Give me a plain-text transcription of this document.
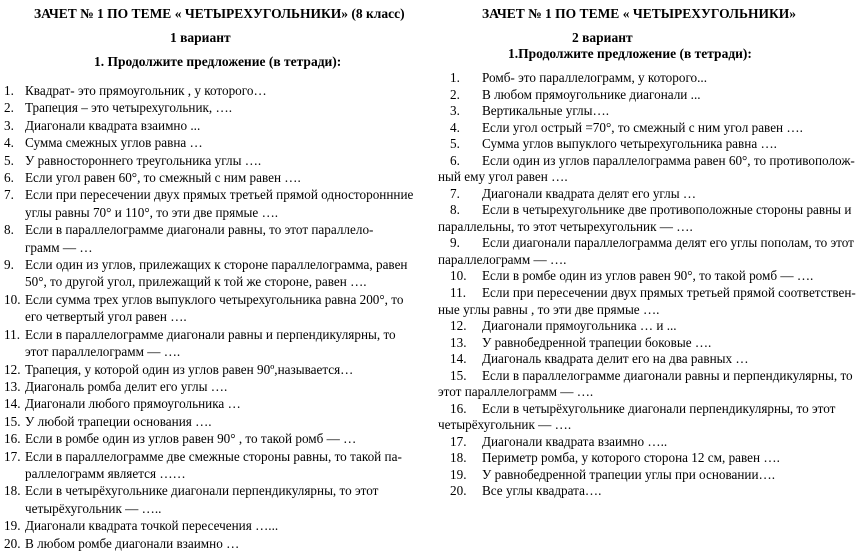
ЗАЧЕТ № 1 ПО ТЕМЕ « ЧЕТЫРЕХУГОЛЬНИКИ» (8 класс)
1 вариант
1. Продолжите предложение (в тетради):
1. Квадрат- это прямоугольник , у которого…
2. Трапеция – это четырехугольник, ….
3. Диагонали квадрата взаимно ...
4. Сумма смежных углов равна …
5. У равностороннего треугольника углы ….
6. Если угол равен 60°, то смежный с ним равен ….
7. Если при пересечении двух прямых третьей прямой одностороннние
углы равны 70° и 110°, то эти две прямые ….
8. Если в параллелограмме диагонали равны, то этот параллело-
грамм — …
9. Если один из углов, прилежащих к стороне параллелограмма, равен
50°, то другой угол, прилежащий к той же стороне, равен ….
10. Если сумма трех углов выпуклого четырехугольника равна 200°, то
его четвертый угол равен ….
11. Если в параллелограмме диагонали равны и перпендикулярны, то
этот параллелограмм — ….
12. Трапеция, у которой один из углов равен 90º,называется…
13. Диагональ ромба делит его углы ….
14. Диагонали любого прямоугольника …
15. У любой трапеции основания ….
16. Если в ромбе один из углов равен 90° , то такой ромб — …
17. Если в параллелограмме две смежные стороны равны, то такой па-
раллелограмм является ……
18. Если в четырёхугольнике диагонали перпендикулярны, то этот
четырёхугольник — …..
19. Диагонали квадрата точкой пересечения …...
20. В любом ромбе диагонали взаимно …
ЗАЧЕТ № 1 ПО ТЕМЕ « ЧЕТЫРЕХУГОЛЬНИКИ»
2 вариант
1.Продолжите предложение (в тетради):
1. Ромб- это параллелограмм, у которого...
2. В любом прямоугольнике диагонали ...
3. Вертикальные углы….
4. Если угол острый =70°, то смежный с ним угол равен ….
5. Сумма углов выпуклого четырехугольника равна ….
6. Если один из углов параллелограмма равен 60°, то противополож-
ный ему угол равен ….
7. Диагонали квадрата делят его углы …
8. Если в четырехугольнике две противоположные стороны равны и
параллельны, то этот четырехугольник — ….
9. Если диагонали параллелограмма делят его углы пополам, то этот
параллелограмм — ….
10. Если в ромбе один из углов равен 90°, то такой ромб — ….
11. Если при пересечении двух прямых третьей прямой соответствен-
ные углы равны , то эти две прямые ….
12. Диагонали прямоугольника … и ...
13. У равнобедренной трапеции боковые ….
14. Диагональ квадрата делит его на два равных …
15. Если в параллелограмме диагонали равны и перпендикулярны, то
этот параллелограмм — ….
16. Если в четырёхугольнике диагонали перпендикулярны, то этот
четырёхугольник — ….
17. Диагонали квадрата взаимно …..
18. Периметр ромба, у которого сторона 12 см, равен ….
19. У равнобедренной трапеции углы при основании….
20. Все углы квадрата….
